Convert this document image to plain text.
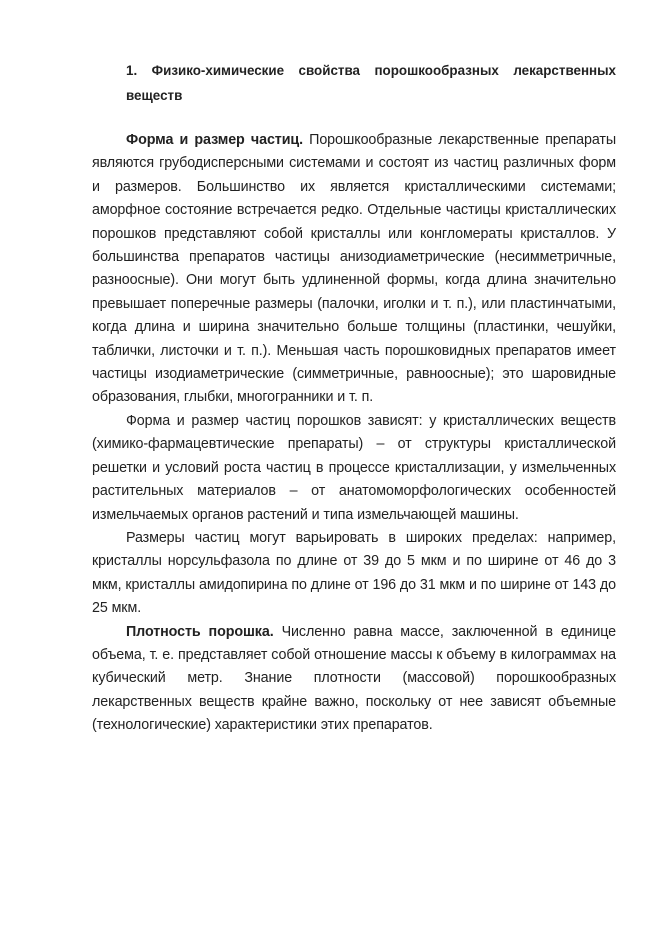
1. Физико-химические свойства порошкообразных лекарственных веществ

Форма и размер частиц. Порошкообразные лекарственные препараты являются грубодисперсными системами и состоят из частиц различных форм и размеров. Большинство их является кристаллическими системами; аморфное состояние встречается редко. Отдельные частицы кристаллических порошков представляют собой кристаллы или конгломераты кристаллов. У большинства препаратов частицы анизодиаметрические (несимметричные, разноосные). Они могут быть удлиненной формы, когда длина значительно превышает поперечные размеры (палочки, иголки и т. п.), или пластинчатыми, когда длина и ширина значительно больше толщины (пластинки, чешуйки, таблички, листочки и т. п.). Меньшая часть порошковидных препаратов имеет частицы изодиаметрические (симметричные, равноосные); это шаровидные образования, глыбки, многогранники и т. п.

Форма и размер частиц порошков зависят: у кристаллических веществ (химико-фармацевтические препараты) – от структуры кристаллической решетки и условий роста частиц в процессе кристаллизации, у измельченных растительных материалов – от анатомоморфологических особенностей измельчаемых органов растений и типа измельчающей машины.

Размеры частиц могут варьировать в широких пределах: например, кристаллы норсульфазола по длине от 39 до 5 мкм и по ширине от 46 до 3 мкм, кристаллы амидопирина по длине от 196 до 31 мкм и по ширине от 143 до 25 мкм.

Плотность порошка. Численно равна массе, заключенной в единице объема, т. е. представляет собой отношение массы к объему в килограммах на кубический метр. Знание плотности (массовой) порошкообразных лекарственных веществ крайне важно, поскольку от нее зависят объемные (технологические) характеристики этих препаратов.
